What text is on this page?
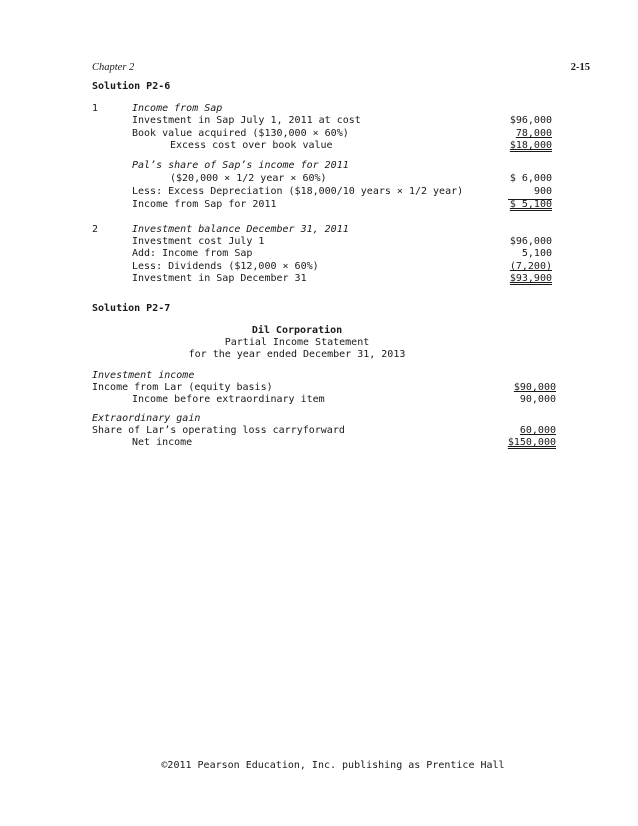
Chapter 2	2-15
Solution P2-6
1	Income from Sap
Investment in Sap July 1, 2011 at cost	$96,000
Book value acquired ($130,000 × 60%)	78,000
Excess cost over book value	$18,000
Pal’s share of Sap’s income for 2011
($20,000 × 1/2 year × 60%)	$ 6,000
Less: Excess Depreciation ($18,000/10 years × 1/2 year)	900
Income from Sap for 2011	$ 5,100
2	Investment balance December 31, 2011
Investment cost July 1	$96,000
Add: Income from Sap	5,100
Less: Dividends ($12,000 × 60%)	(7,200)
Investment in Sap December 31	$93,900
Solution P2-7
Dil Corporation
Partial Income Statement
for the year ended December 31, 2013
Investment income
Income from Lar (equity basis)	$90,000
Income before extraordinary item	90,000
Extraordinary gain
Share of Lar’s operating loss carryforward	60,000
Net income	$150,000
©2011 Pearson Education, Inc. publishing as Prentice Hall
